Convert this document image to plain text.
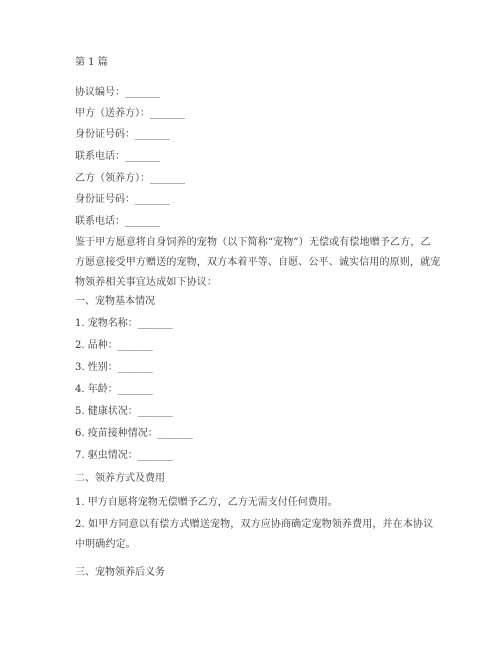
第 1 篇
协议编号：_______
甲方（送养方）：_______
身份证号码：_______
联系电话：_______
乙方（领养方）：_______
身份证号码：_______
联系电话：_______
鉴于甲方愿意将自身饲养的宠物（以下简称“宠物”）无偿或有偿地赠予乙方，乙
方愿意接受甲方赠送的宠物，双方本着平等、自愿、公平、诚实信用的原则，就宠
物领养相关事宜达成如下协议：
一、宠物基本情况
1. 宠物名称：_______
2. 品种：_______
3. 性别：_______
4. 年龄：_______
5. 健康状况：_______
6. 疫苗接种情况：_______
7. 驱虫情况：_______
二、领养方式及费用
1. 甲方自愿将宠物无偿赠予乙方，乙方无需支付任何费用。
2. 如甲方同意以有偿方式赠送宠物，双方应协商确定宠物领养费用，并在本协议
中明确约定。
三、宠物领养后义务
